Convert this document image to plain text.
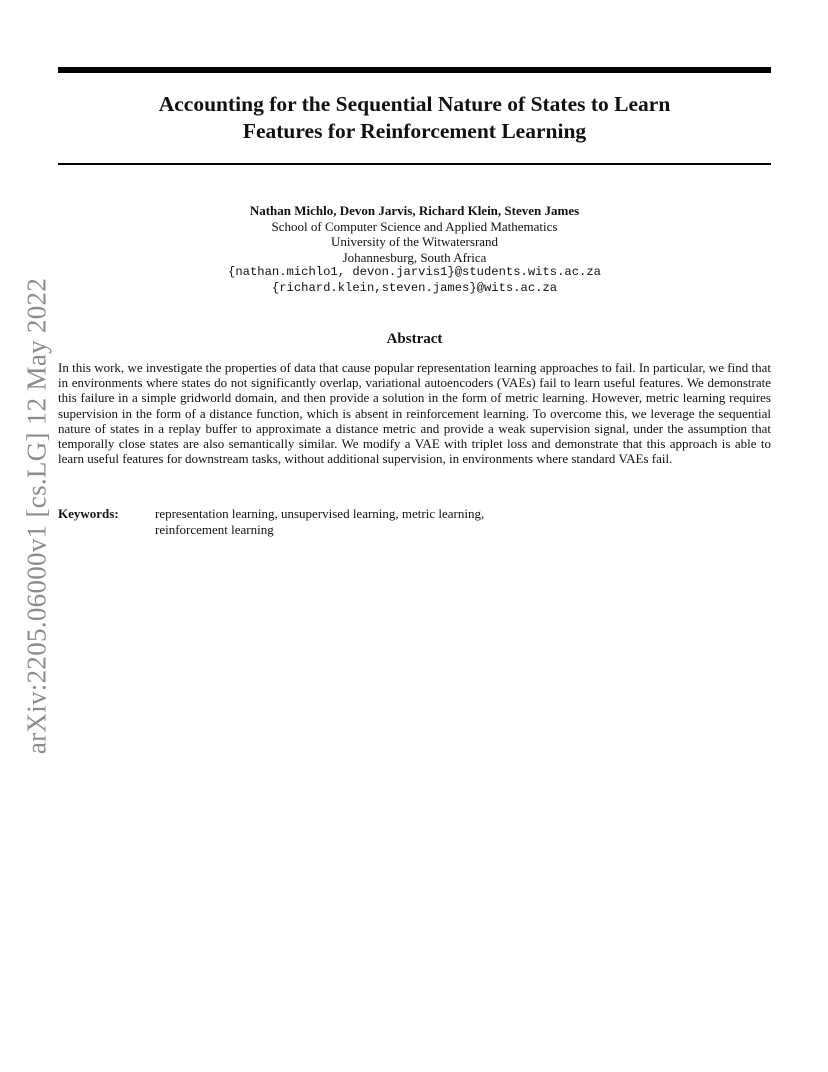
Accounting for the Sequential Nature of States to Learn
Features for Reinforcement Learning
Nathan Michlo, Devon Jarvis, Richard Klein, Steven James
School of Computer Science and Applied Mathematics
University of the Witwatersrand
Johannesburg, South Africa
{nathan.michlo1, devon.jarvis1}@students.wits.ac.za
{richard.klein,steven.james}@wits.ac.za
Abstract
In this work, we investigate the properties of data that cause popular representation learning approaches to fail. In particular, we find that in environments where states do not significantly overlap, variational autoencoders (VAEs) fail to learn useful features. We demonstrate this failure in a simple gridworld domain, and then provide a solution in the form of metric learning. However, metric learning requires supervision in the form of a distance function, which is absent in reinforcement learning. To overcome this, we leverage the sequential nature of states in a replay buffer to approximate a distance metric and provide a weak supervision signal, under the assumption that temporally close states are also semantically similar. We modify a VAE with triplet loss and demonstrate that this approach is able to learn useful features for downstream tasks, without additional supervision, in environments where standard VAEs fail.
Keywords:	representation learning, unsupervised learning, metric learning, reinforcement learning
arXiv:2205.06000v1 [cs.LG] 12 May 2022
